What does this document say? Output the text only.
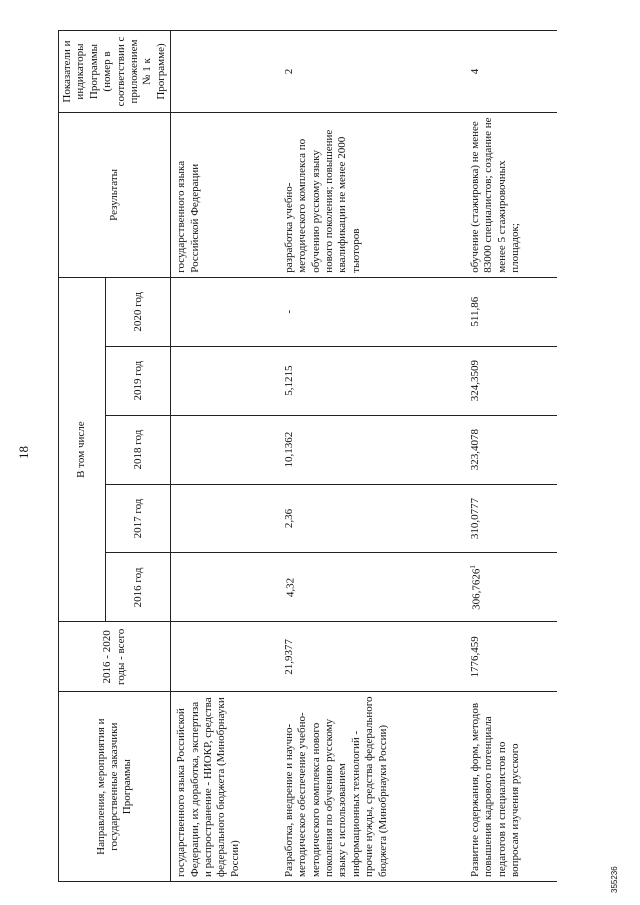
18
Направления, мероприятия и государственные заказчики Программы	2016 - 2020 годы - всего	В том числе					Результаты	Показатели и индикаторы Программы (номер в соответствии с приложением № 1 к Программе)
		2016 год	2017 год	2018 год	2019 год	2020 год		
государственного языка Российской Федерации, их доработка, экспертиза и распространение - НИОКР, средства федерального бюджета (Минобрнауки России)							государственного языка Российской Федерации	
Разработка, внедрение и научно-методическое обеспечение учебно-методического комплекса нового поколения по обучению русскому языку с использованием информационных технологий - прочие нужды, средства федерального бюджета (Минобрнауки России)	21,9377	4,32	2,36	10,1362	5,1215	-	разработка учебно-методического комплекса по обучению русскому языку нового поколения; повышение квалификации не менее 2000 тьюторов	2
Развитие содержания, форм, методов повышения кадрового потенциала педагогов и специалистов по вопросам изучения русского	1776,459	306,7626$^1$	310,0777	323,4078	324,3509	511,86	обучение (стажировка) не менее 83000 специалистов; создание не менее 5 стажировочных площадок;	4
355236
